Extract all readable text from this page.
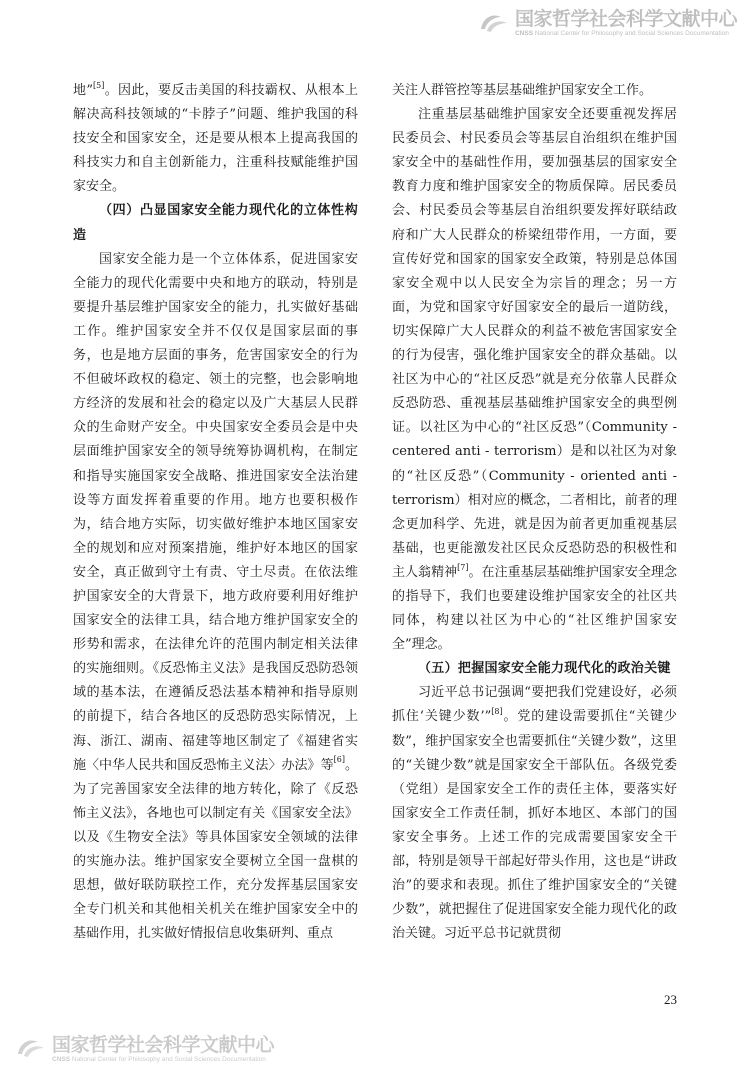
国家哲学社会科学文献中心
CNSS National Center for Philosophy and Social Sciences Documentation

地”[5]。因此，要反击美国的科技霸权、从根本上解决高科技领域的“卡脖子”问题、维护我国的科技安全和国家安全，还是要从根本上提高我国的科技实力和自主创新能力，注重科技赋能维护国家安全。

（四）凸显国家安全能力现代化的立体性构造

国家安全能力是一个立体体系，促进国家安全能力的现代化需要中央和地方的联动，特别是要提升基层维护国家安全的能力，扎实做好基础工作。维护国家安全并不仅仅是国家层面的事务，也是地方层面的事务，危害国家安全的行为不但破坏政权的稳定、领土的完整，也会影响地方经济的发展和社会的稳定以及广大基层人民群众的生命财产安全。中央国家安全委员会是中央层面维护国家安全的领导统筹协调机构，在制定和指导实施国家安全战略、推进国家安全法治建设等方面发挥着重要的作用。地方也要积极作为，结合地方实际，切实做好维护本地区国家安全的规划和应对预案措施，维护好本地区的国家安全，真正做到守土有责、守土尽责。在依法维护国家安全的大背景下，地方政府要利用好维护国家安全的法律工具，结合地方维护国家安全的形势和需求，在法律允许的范围内制定相关法律的实施细则。《反恐怖主义法》是我国反恐防恐领域的基本法，在遵循反恐法基本精神和指导原则的前提下，结合各地区的反恐防恐实际情况，上海、浙江、湖南、福建等地区制定了《福建省实施〈中华人民共和国反恐怖主义法〉办法》等[6]。为了完善国家安全法律的地方转化，除了《反恐怖主义法》，各地也可以制定有关《国家安全法》以及《生物安全法》等具体国家安全领域的法律的实施办法。维护国家安全要树立全国一盘棋的思想，做好联防联控工作，充分发挥基层国家安全专门机关和其他相关机关在维护国家安全中的基础作用，扎实做好情报信息收集研判、重点

关注人群管控等基层基础维护国家安全工作。

注重基层基础维护国家安全还要重视发挥居民委员会、村民委员会等基层自治组织在维护国家安全中的基础性作用，要加强基层的国家安全教育力度和维护国家安全的物质保障。居民委员会、村民委员会等基层自治组织要发挥好联结政府和广大人民群众的桥梁纽带作用，一方面，要宣传好党和国家的国家安全政策，特别是总体国家安全观中以人民安全为宗旨的理念；另一方面，为党和国家守好国家安全的最后一道防线，切实保障广大人民群众的利益不被危害国家安全的行为侵害，强化维护国家安全的群众基础。以社区为中心的“社区反恐”就是充分依靠人民群众反恐防恐、重视基层基础维护国家安全的典型例证。以社区为中心的“社区反恐”（Community - centered anti - terrorism）是和以社区为对象的“社区反恐”（Community - oriented anti - terrorism）相对应的概念，二者相比，前者的理念更加科学、先进，就是因为前者更加重视基层基础，也更能激发社区民众反恐防恐的积极性和主人翁精神[7]。在注重基层基础维护国家安全理念的指导下，我们也要建设维护国家安全的社区共同体，构建以社区为中心的“社区维护国家安全”理念。

（五）把握国家安全能力现代化的政治关键

习近平总书记强调“要把我们党建设好，必须抓住‘关键少数’”[8]。党的建设需要抓住“关键少数”，维护国家安全也需要抓住“关键少数”，这里的“关键少数”就是国家安全干部队伍。各级党委（党组）是国家安全工作的责任主体，要落实好国家安全工作责任制，抓好本地区、本部门的国家安全事务。上述工作的完成需要国家安全干部，特别是领导干部起好带头作用，这也是“讲政治”的要求和表现。抓住了维护国家安全的“关键少数”，就把握住了促进国家安全能力现代化的政治关键。习近平总书记就贯彻

23
国家哲学社会科学文献中心
CNSS National Center for Philosophy and Social Sciences Documentation
